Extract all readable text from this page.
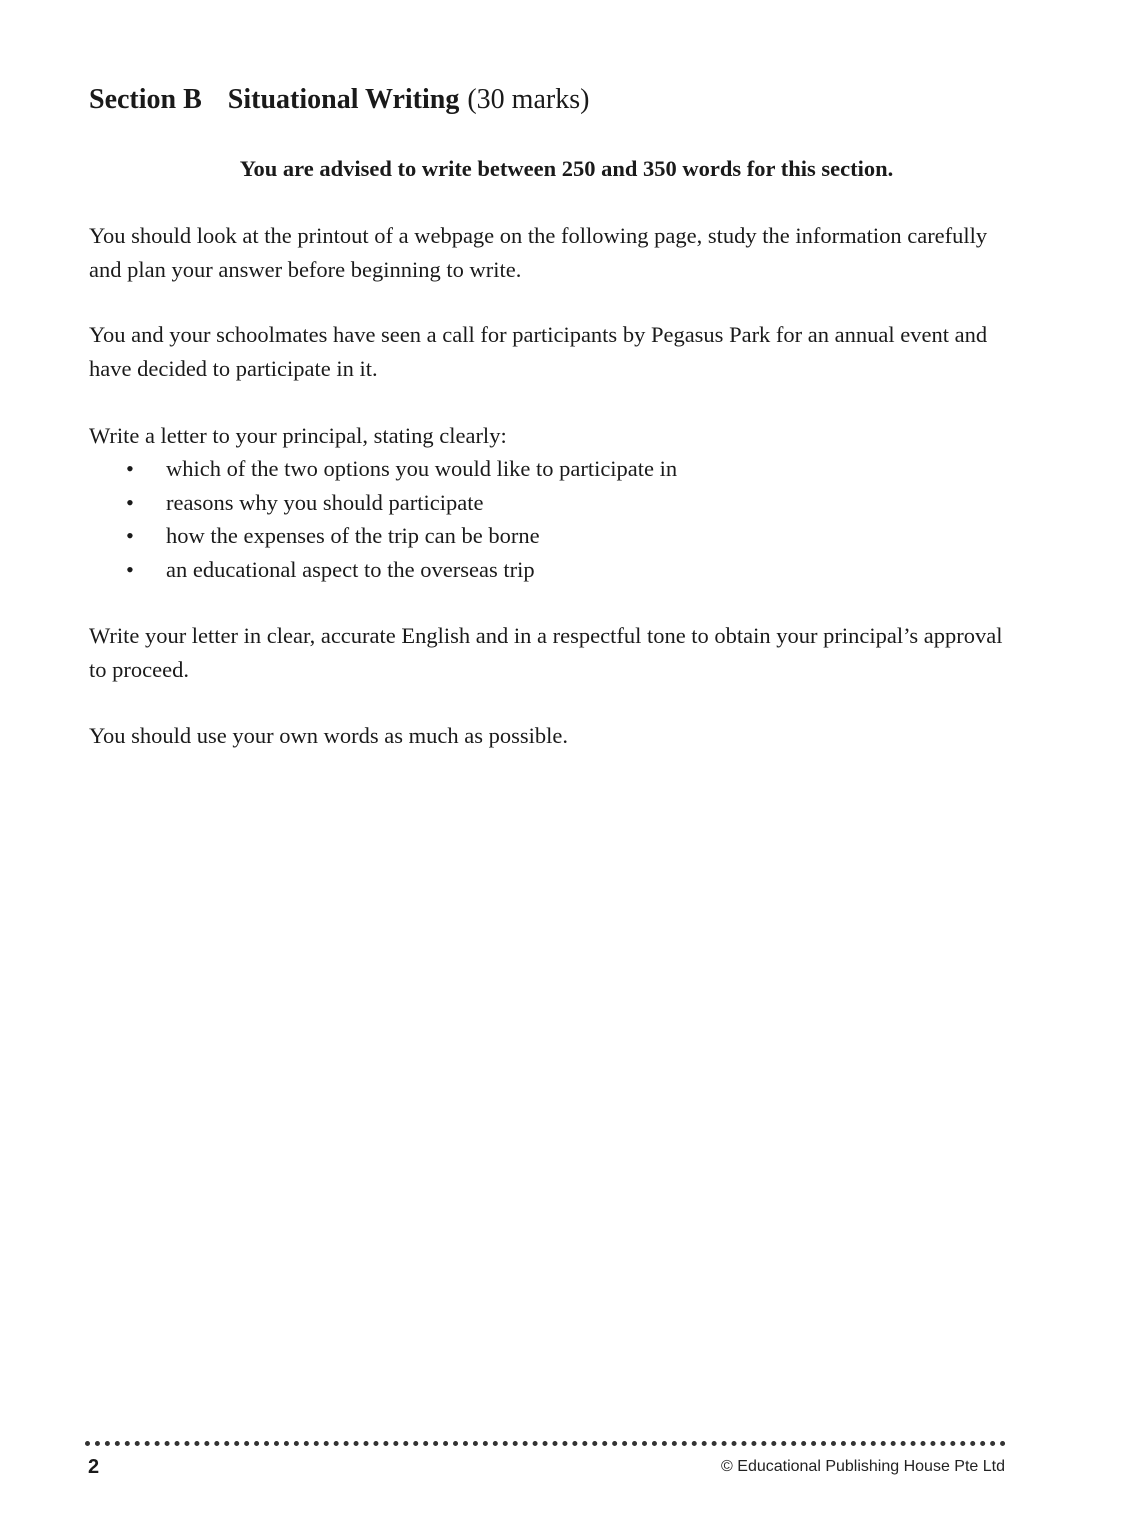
Section B Situational Writing (30 marks)
You are advised to write between 250 and 350 words for this section.

You should look at the printout of a webpage on the following page, study the information carefully and plan your answer before beginning to write.

You and your schoolmates have seen a call for participants by Pegasus Park for an annual event and have decided to participate in it.

Write a letter to your principal, stating clearly:

• which of the two options you would like to participate in
• reasons why you should participate
• how the expenses of the trip can be borne
• an educational aspect to the overseas trip

Write your letter in clear, accurate English and in a respectful tone to obtain your principal’s approval to proceed.

You should use your own words as much as possible.

2	© Educational Publishing House Pte Ltd
